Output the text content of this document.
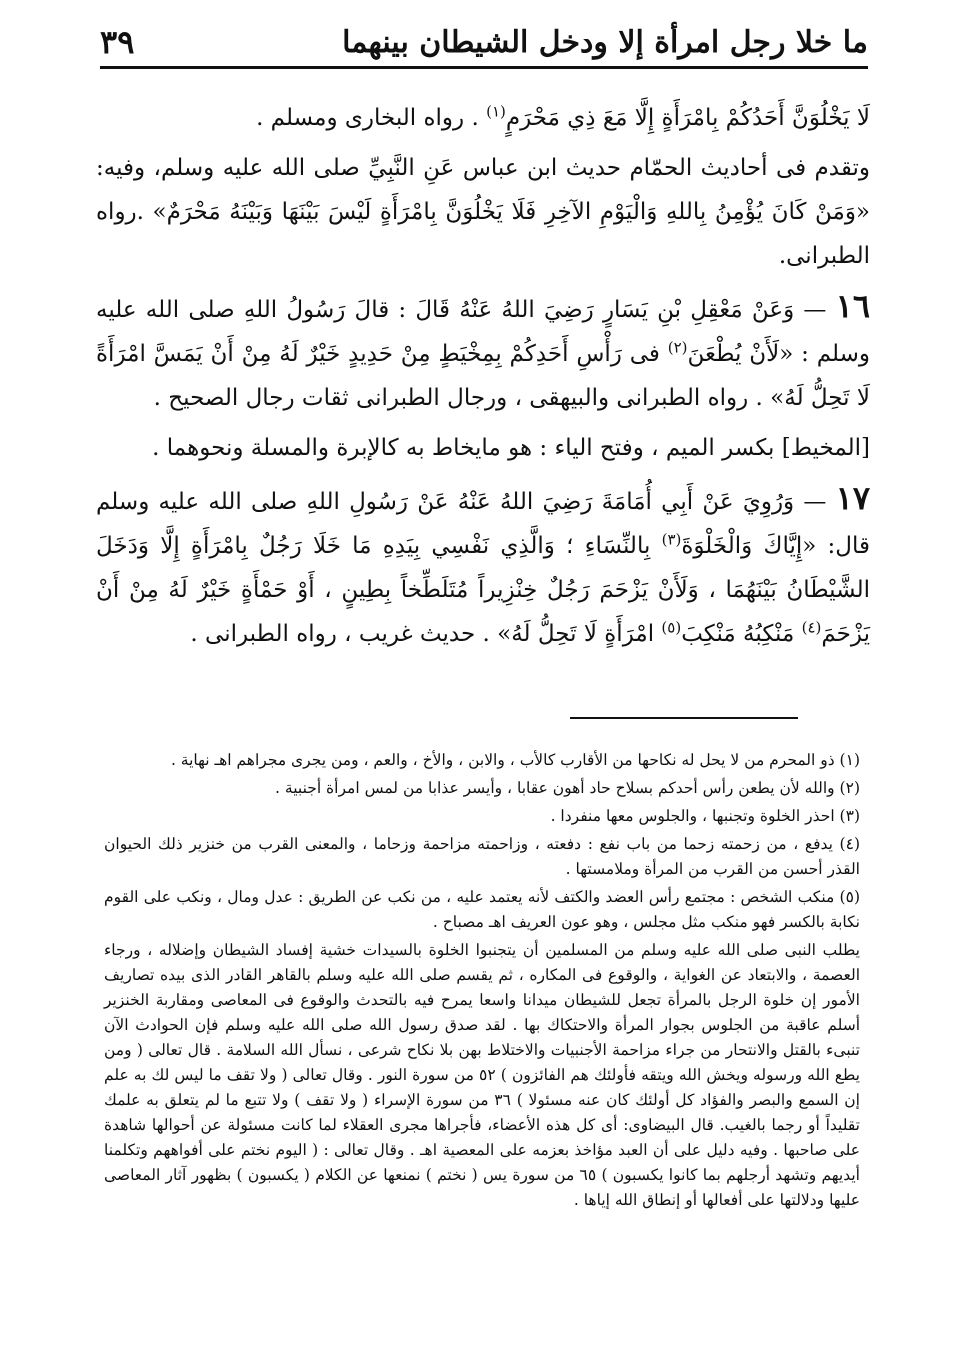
ما خلا رجل امرأة إلا ودخل الشيطان بينهما
٣٩

لَا يَخْلُوَنَّ أَحَدُكُمْ بِامْرَأَةٍ إِلَّا مَعَ ذِي مَحْرَمٍ$^{(١)}$ . رواه البخارى ومسلم .

وتقدم فى أحاديث الحمّام حديث ابن عباس عَنِ النَّبِيِّ صلى الله عليه وسلم، وفيه: «وَمَنْ كَانَ يُؤْمِنُ بِاللهِ وَالْيَوْمِ الآخِرِ فَلَا يَخْلُوَنَّ بِامْرَأَةٍ لَيْسَ بَيْنَهَا وَبَيْنَهُ مَحْرَمٌ» .رواه الطبرانى.

١٦ — وَعَنْ مَعْقِلِ بْنِ يَسَارٍ رَضِيَ اللهُ عَنْهُ قَالَ : قالَ رَسُولُ اللهِ صلى الله عليه وسلم : «لَأَنْ يُطْعَنَ$^{(٢)}$ فى رَأْسِ أَحَدِكُمْ بِمِخْيَطٍ مِنْ حَدِيدٍ خَيْرٌ لَهُ مِنْ أَنْ يَمَسَّ امْرَأَةً لَا تَحِلُّ لَهُ» . رواه الطبرانى والبيهقى ، ورجال الطبرانى ثقات رجال الصحيح .

[المخيط] بكسر الميم ، وفتح الياء : هو مايخاط به كالإبرة والمسلة ونحوهما .

١٧ — وَرُوِيَ عَنْ أَبِي أُمَامَةَ رَضِيَ اللهُ عَنْهُ عَنْ رَسُولِ اللهِ صلى الله عليه وسلم قال: «إِيَّاكَ وَالْخَلْوَةَ$^{(٣)}$ بِالنِّسَاءِ ؛ وَالَّذِي نَفْسِي بِيَدِهِ مَا خَلَا رَجُلٌ بِامْرَأَةٍ إِلَّا وَدَخَلَ الشَّيْطَانُ بَيْنَهُمَا ، وَلَأَنْ يَزْحَمَ رَجُلٌ خِنْزِيراً مُتَلَطِّخاً بِطِينٍ ، أَوْ حَمْأَةٍ خَيْرٌ لَهُ مِنْ أَنْ يَزْحَمَ$^{(٤)}$ مَنْكِبُهُ مَنْكِبَ$^{(٥)}$ امْرَأَةٍ لَا تَحِلُّ لَهُ» . حديث غريب ، رواه الطبرانى .

(١) ذو المحرم من لا يحل له نكاحها من الأقارب كالأب ، والابن ، والأخ ، والعم ، ومن يجرى مجراهم اهـ نهاية .

(٢) والله لأن يطعن رأس أحدكم بسلاح حاد أهون عقابا ، وأيسر عذابا من لمس امرأة أجنبية .

(٣) احذر الخلوة وتجنبها ، والجلوس معها منفردا .

(٤) يدفع ، من زحمته زحما من باب نفع : دفعته ، وزاحمته مزاحمة وزحاما ، والمعنى القرب من خنزير ذلك الحيوان القذر أحسن من القرب من المرأة وملامستها .

(٥) منكب الشخص : مجتمع رأس العضد والكتف لأنه يعتمد عليه ، من نكب عن الطريق : عدل ومال ، ونكب على القوم نكابة بالكسر فهو منكب مثل مجلس ، وهو عون العريف اهـ مصباح .

يطلب النبى صلى الله عليه وسلم من المسلمين أن يتجنبوا الخلوة بالسيدات خشية إفساد الشيطان وإضلاله ، ورجاء العصمة ، والابتعاد عن الغواية ، والوقوع فى المكاره ، ثم يقسم صلى الله عليه وسلم بالقاهر القادر الذى بيده تصاريف الأمور إن خلوة الرجل بالمرأة تجعل للشيطان ميدانا واسعا يمرح فيه بالتحدث والوقوع فى المعاصى ومقاربة الخنزير أسلم عاقبة من الجلوس بجوار المرأة والاحتكاك بها . لقد صدق رسول الله صلى الله عليه وسلم فإن الحوادث الآن تنبىء بالقتل والانتحار من جراء مزاحمة الأجنبيات والاختلاط بهن بلا نكاح شرعى ، نسأل الله السلامة . قال تعالى ( ومن يطع الله ورسوله ويخش الله ويتقه فأولئك هم الفائزون ) ٥٢ من سورة النور . وقال تعالى ( ولا تقف ما ليس لك به علم إن السمع والبصر والفؤاد كل أولئك كان عنه مسئولا ) ٣٦ من سورة الإسراء ( ولا تقف ) ولا تتبع ما لم يتعلق به علمك تقليداً أو رجما بالغيب. قال البيضاوى: أى كل هذه الأعضاء، فأجراها مجرى العقلاء لما كانت مسئولة عن أحوالها شاهدة على صاحبها . وفيه دليل على أن العبد مؤاخذ بعزمه على المعصية اهـ . وقال تعالى : ( اليوم نختم على أفواههم وتكلمنا أيديهم وتشهد أرجلهم بما كانوا يكسبون ) ٦٥ من سورة يس ( نختم ) نمنعها عن الكلام ( يكسبون ) بظهور آثار المعاصى عليها ودلالتها على أفعالها أو إنطاق الله إياها .
